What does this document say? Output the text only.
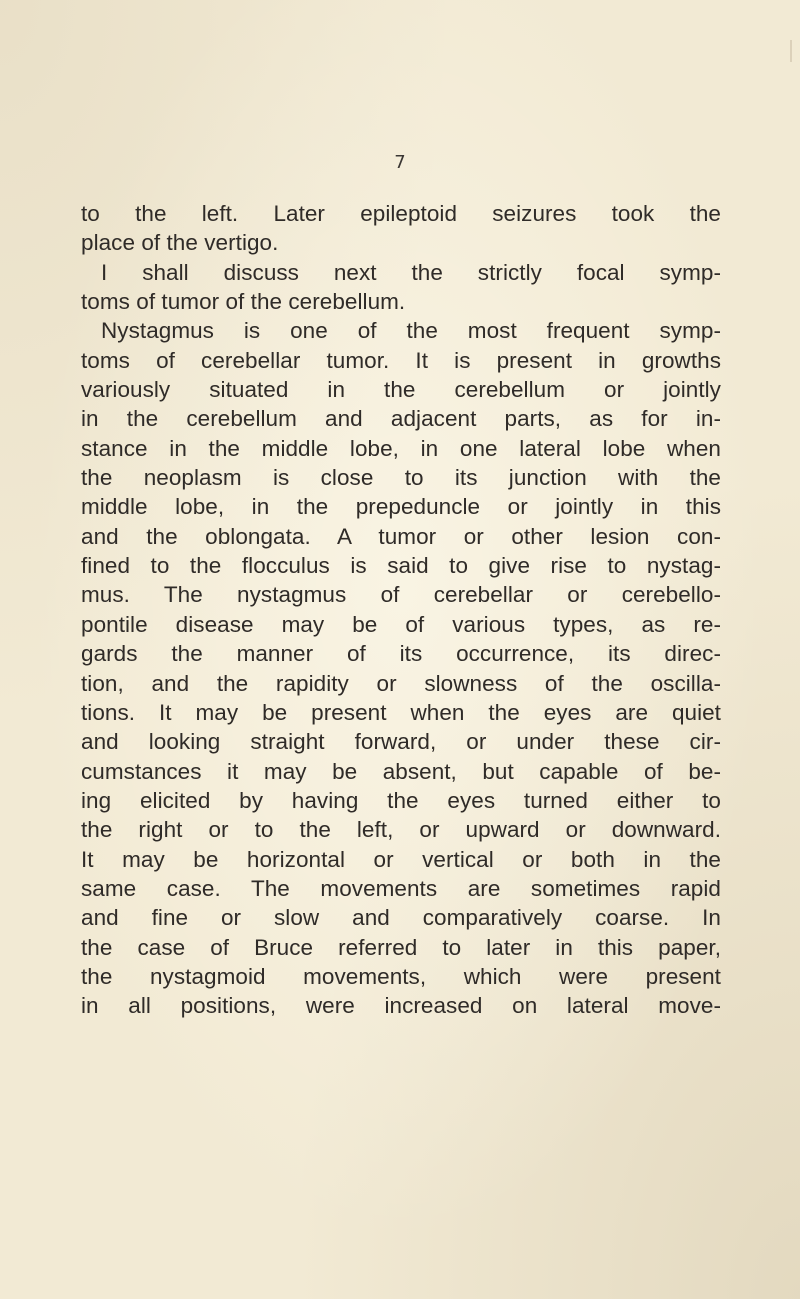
7
to the left. Later epileptoid seizures took the
place of the vertigo.
I shall discuss next the strictly focal symp-
toms of tumor of the cerebellum.
Nystagmus is one of the most frequent symp-
toms of cerebellar tumor. It is present in growths
variously situated in the cerebellum or jointly
in the cerebellum and adjacent parts, as for in-
stance in the middle lobe, in one lateral lobe when
the neoplasm is close to its junction with the
middle lobe, in the prepeduncle or jointly in this
and the oblongata. A tumor or other lesion con-
fined to the flocculus is said to give rise to nystag-
mus. The nystagmus of cerebellar or cerebello-
pontile disease may be of various types, as re-
gards the manner of its occurrence, its direc-
tion, and the rapidity or slowness of the oscilla-
tions. It may be present when the eyes are quiet
and looking straight forward, or under these cir-
cumstances it may be absent, but capable of be-
ing elicited by having the eyes turned either to
the right or to the left, or upward or downward.
It may be horizontal or vertical or both in the
same case. The movements are sometimes rapid
and fine or slow and comparatively coarse. In
the case of Bruce referred to later in this paper,
the nystagmoid movements, which were present
in all positions, were increased on lateral move-
